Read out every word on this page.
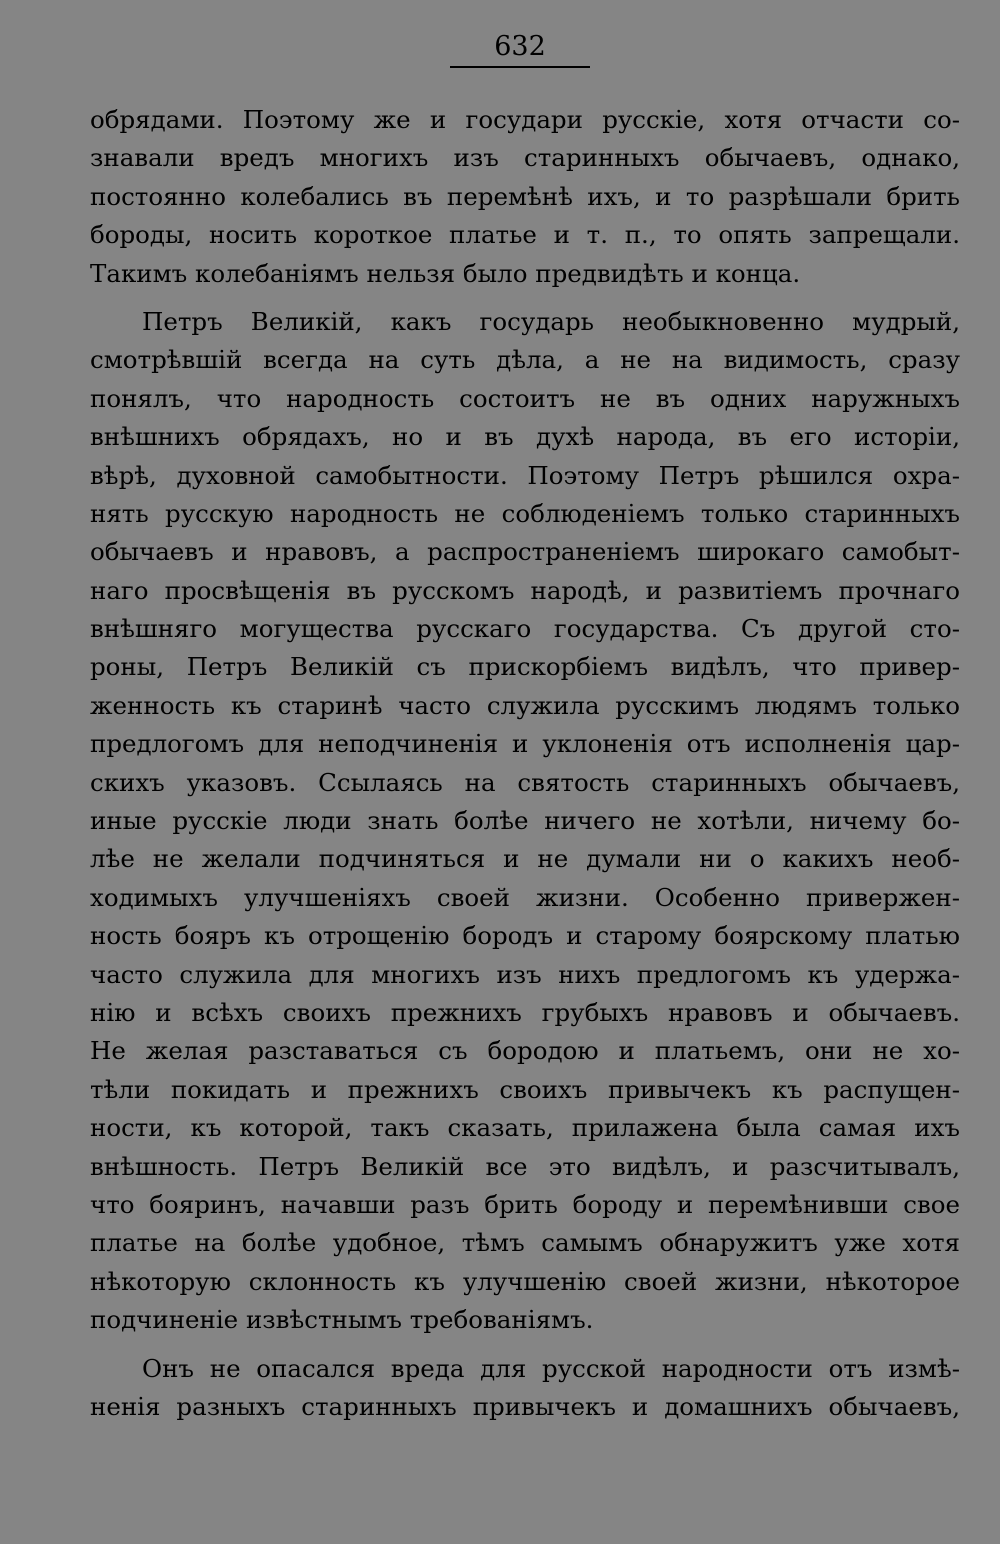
632
обрядами. Поэтому же и государи русскіе, хотя отчасти со-
знавали вредъ многихъ изъ старинныхъ обычаевъ, однако,
постоянно колебались въ перемѣнѣ ихъ, и то разрѣшали брить
бороды, носить короткое платье и т. п., то опять запрещали.
Такимъ колебаніямъ нельзя было предвидѣть и конца.
Петръ Великій, какъ государь необыкновенно мудрый,
смотрѣвшій всегда на суть дѣла, а не на видимость, сразу
понялъ, что народность состоитъ не въ одних наружныхъ
внѣшнихъ обрядахъ, но и въ духѣ народа, въ его исторіи,
вѣрѣ, духовной самобытности. Поэтому Петръ рѣшился охра-
нять русскую народность не соблюденіемъ только старинныхъ
обычаевъ и нравовъ, а распространеніемъ широкаго самобыт-
наго просвѣщенія въ русскомъ народѣ, и развитіемъ прочнаго
внѣшняго могущества русскаго государства. Съ другой сто-
роны, Петръ Великій съ прискорбіемъ видѣлъ, что привер-
женность къ старинѣ часто служила русскимъ людямъ только
предлогомъ для неподчиненія и уклоненія отъ исполненія цар-
скихъ указовъ. Ссылаясь на святость старинныхъ обычаевъ,
иные русскіе люди знать болѣе ничего не хотѣли, ничему бо-
лѣе не желали подчиняться и не думали ни о какихъ необ-
ходимыхъ улучшеніяхъ своей жизни. Особенно привержен-
ность бояръ къ отрощенію бородъ и старому боярскому платью
часто служила для многихъ изъ нихъ предлогомъ къ удержа-
нію и всѣхъ своихъ прежнихъ грубыхъ нравовъ и обычаевъ.
Не желая разставаться съ бородою и платьемъ, они не хо-
тѣли покидать и прежнихъ своихъ привычекъ къ распущен-
ности, къ которой, такъ сказать, прилажена была самая ихъ
внѣшность. Петръ Великій все это видѣлъ, и разсчитывалъ,
что бояринъ, начавши разъ брить бороду и перемѣнивши свое
платье на болѣе удобное, тѣмъ самымъ обнаружитъ уже хотя
нѣкоторую склонность къ улучшенію своей жизни, нѣкоторое
подчиненіе извѣстнымъ требованіямъ.
Онъ не опасался вреда для русской народности отъ измѣ-
ненія разныхъ старинныхъ привычекъ и домашнихъ обычаевъ,
